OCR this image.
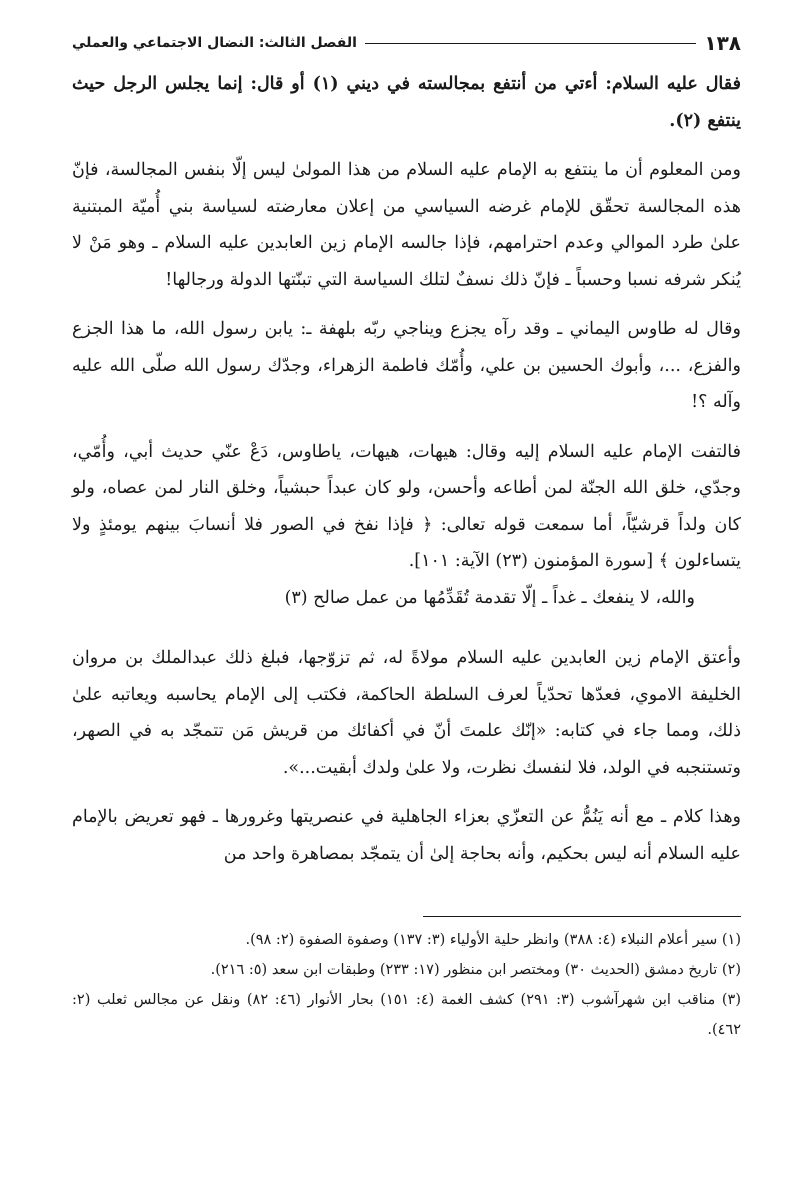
١٣٨
الفصل الثالث: النضال الاجتماعي والعملي

فقال عليه السلام: أءتي من أنتفع بمجالسته في ديني (١) أو قال: إنما يجلس الرجل حيث ينتفع (٢).

ومن المعلوم أن ما ينتفع به الإمام عليه السلام من هذا المولىٰ ليس إلّا بنفس المجالسة، فإنّ هذه المجالسة تحقّق للإمام غرضه السياسي من إعلان معارضته لسياسة بني أُميّة المبتنية علىٰ طرد الموالي وعدم احترامهم، فإذا جالسه الإمام زين العابدين عليه السلام ـ وهو مَنْ لا يُنكر شرفه نسبا وحسباً ـ فإنّ ذلك نسفٌ لتلك السياسة التي تبنّتها الدولة ورجالها!

وقال له طاوس اليماني ـ وقد رآه يجزع ويناجي ربّه بلهفة ـ: يابن رسول الله، ما هذا الجزع والفزع، ...، وأبوك الحسين بن علي، وأُمّك فاطمة الزهراء، وجدّك رسول الله صلّى الله عليه وآله ؟!

فالتفت الإمام عليه السلام إليه وقال: هيهات، هيهات، ياطاوس، دَعْ عنّي حديث أبي، وأُمّي، وجدّي، خلق الله الجنّة لمن أطاعه وأحسن، ولو كان عبداً حبشياً، وخلق النار لمن عصاه، ولو كان ولداً قرشيّاً، أما سمعت قوله تعالى: ﴿ فإذا نفخ في الصور فلا أنسابَ بينهم يومئذٍ ولا يتساءلون ﴾ [سورة المؤمنون (٢٣) الآية: ١٠١].

والله، لا ينفعك ـ غداً ـ إلّا تقدمة تُقَدِّمُها من عمل صالح (٣)

وأعتق الإمام زين العابدين عليه السلام مولاةً له، ثم تزوّجها، فبلغ ذلك عبدالملك بن مروان الخليفة الاموي، فعدّها تحدّياً لعرف السلطة الحاكمة، فكتب إلى الإمام يحاسبه ويعاتبه علىٰ ذلك، ومما جاء في كتابه: «إنّك علمتَ أنّ في أكفائك من قريش مَن تتمجّد به في الصهر، وتستنجبه في الولد، فلا لنفسك نظرت، ولا علىٰ ولدك أبقيت...».

وهذا كلام ـ مع أنه يَنُمُّ عن التعزّي بعزاء الجاهلية في عنصريتها وغرورها ـ فهو تعريض بالإمام عليه السلام أنه ليس بحكيم، وأنه بحاجة إلىٰ أن يتمجّد بمصاهرة واحد من

(١) سير أعلام النبلاء (٤: ٣٨٨) وانظر حلية الأولياء (٣: ١٣٧) وصفوة الصفوة (٢: ٩٨).

(٢) تاريخ دمشق (الحديث ٣٠) ومختصر ابن منظور (١٧: ٢٣٣) وطبقات ابن سعد (٥: ٢١٦).

(٣) مناقب ابن شهرآشوب (٣: ٢٩١) كشف الغمة (٤: ١٥١) بحار الأنوار (٤٦: ٨٢) ونقل عن مجالس ثعلب (٢: ٤٦٢).
